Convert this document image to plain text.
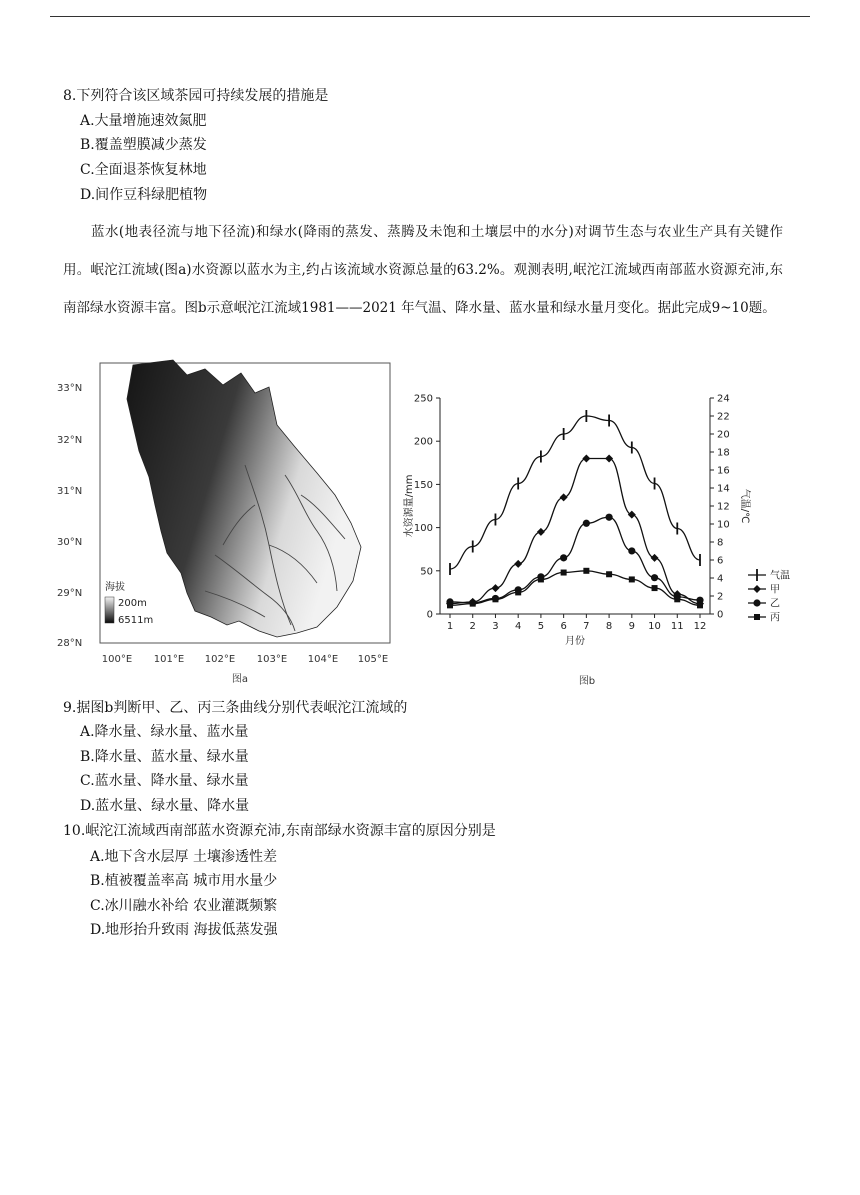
8.下列符合该区域茶园可持续发展的措施是
A.大量增施速效氮肥
B.覆盖塑膜减少蒸发
C.全面退茶恢复林地
D.间作豆科绿肥植物

蓝水(地表径流与地下径流)和绿水(降雨的蒸发、蒸腾及未饱和土壤层中的水分)对调节生态与农业生产具有关键作用。岷沱江流域(图a)水资源以蓝水为主,约占该流域水资源总量的63.2%。观测表明,岷沱江流域西南部蓝水资源充沛,东南部绿水资源丰富。图b示意岷沱江流域1981——2021 年气温、降水量、蓝水量和绿水量月变化。据此完成9~10题。

33°N
32°N
31°N
30°N
29°N
28°N
100°E 101°E 102°E 103°E 104°E 105°E
海拔
200m
6511m
图a
0
50
100
150
200
250
0
2
4
6
8
10
12
14
16
18
20
22
24
1 2 3 4 5 6 7 8 9 10 11 12
气温
甲
乙
丙
水资源量/mm	气温/℃
月份
图b
9.据图b判断甲、乙、丙三条曲线分别代表岷沱江流域的
A.降水量、绿水量、蓝水量
B.降水量、蓝水量、绿水量
C.蓝水量、降水量、绿水量
D.蓝水量、绿水量、降水量
10.岷沱江流域西南部蓝水资源充沛,东南部绿水资源丰富的原因分别是
A.地下含水层厚 土壤渗透性差
B.植被覆盖率高 城市用水量少
C.冰川融水补给 农业灌溉频繁
D.地形抬升致雨 海拔低蒸发强
